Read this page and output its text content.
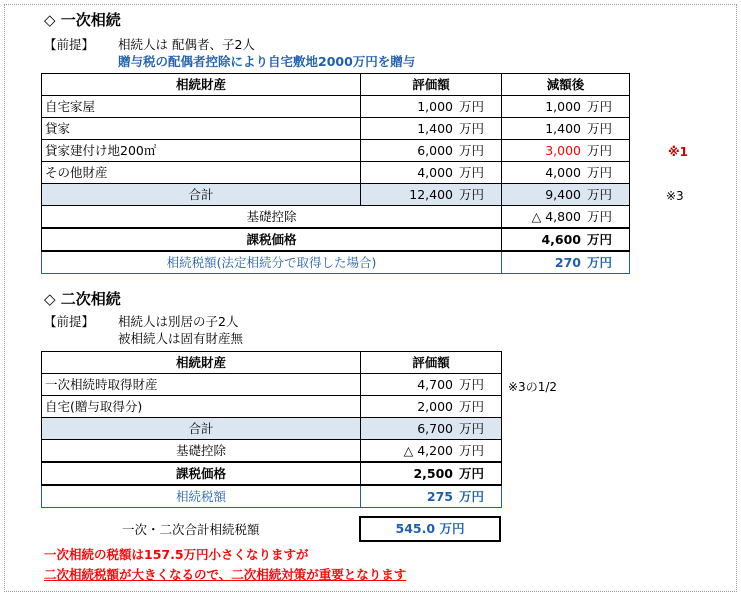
◇ 一次相続
【前提】 相続人は 配偶者、子2人
贈与税の配偶者控除により自宅敷地2000万円を贈与
相続財産	評価額	減額後
自宅家屋	1,000 万円	1,000 万円
貸家	1,400 万円	1,400 万円
貸家建付け地200㎡	6,000 万円	3,000 万円
その他財産	4,000 万円	4,000 万円
合計	12,400 万円	9,400 万円
基礎控除		△ 4,800 万円
課税価格		4,600 万円
相続税額(法定相続分で取得した場合)		270 万円
※1
※3
◇ 二次相続
【前提】 相続人は別居の子2人
被相続人は固有財産無
相続財産	評価額
一次相続時取得財産	4,700 万円
自宅(贈与取得分)	2,000 万円
合計	6,700 万円
基礎控除	△ 4,200 万円
課税価格	2,500 万円
相続税額	275 万円
※3の1/2
一次・二次合計相続税額	545.0 万円
一次相続の税額は157.5万円小さくなりますが
二次相続税額が大きくなるので、二次相続対策が重要となります
